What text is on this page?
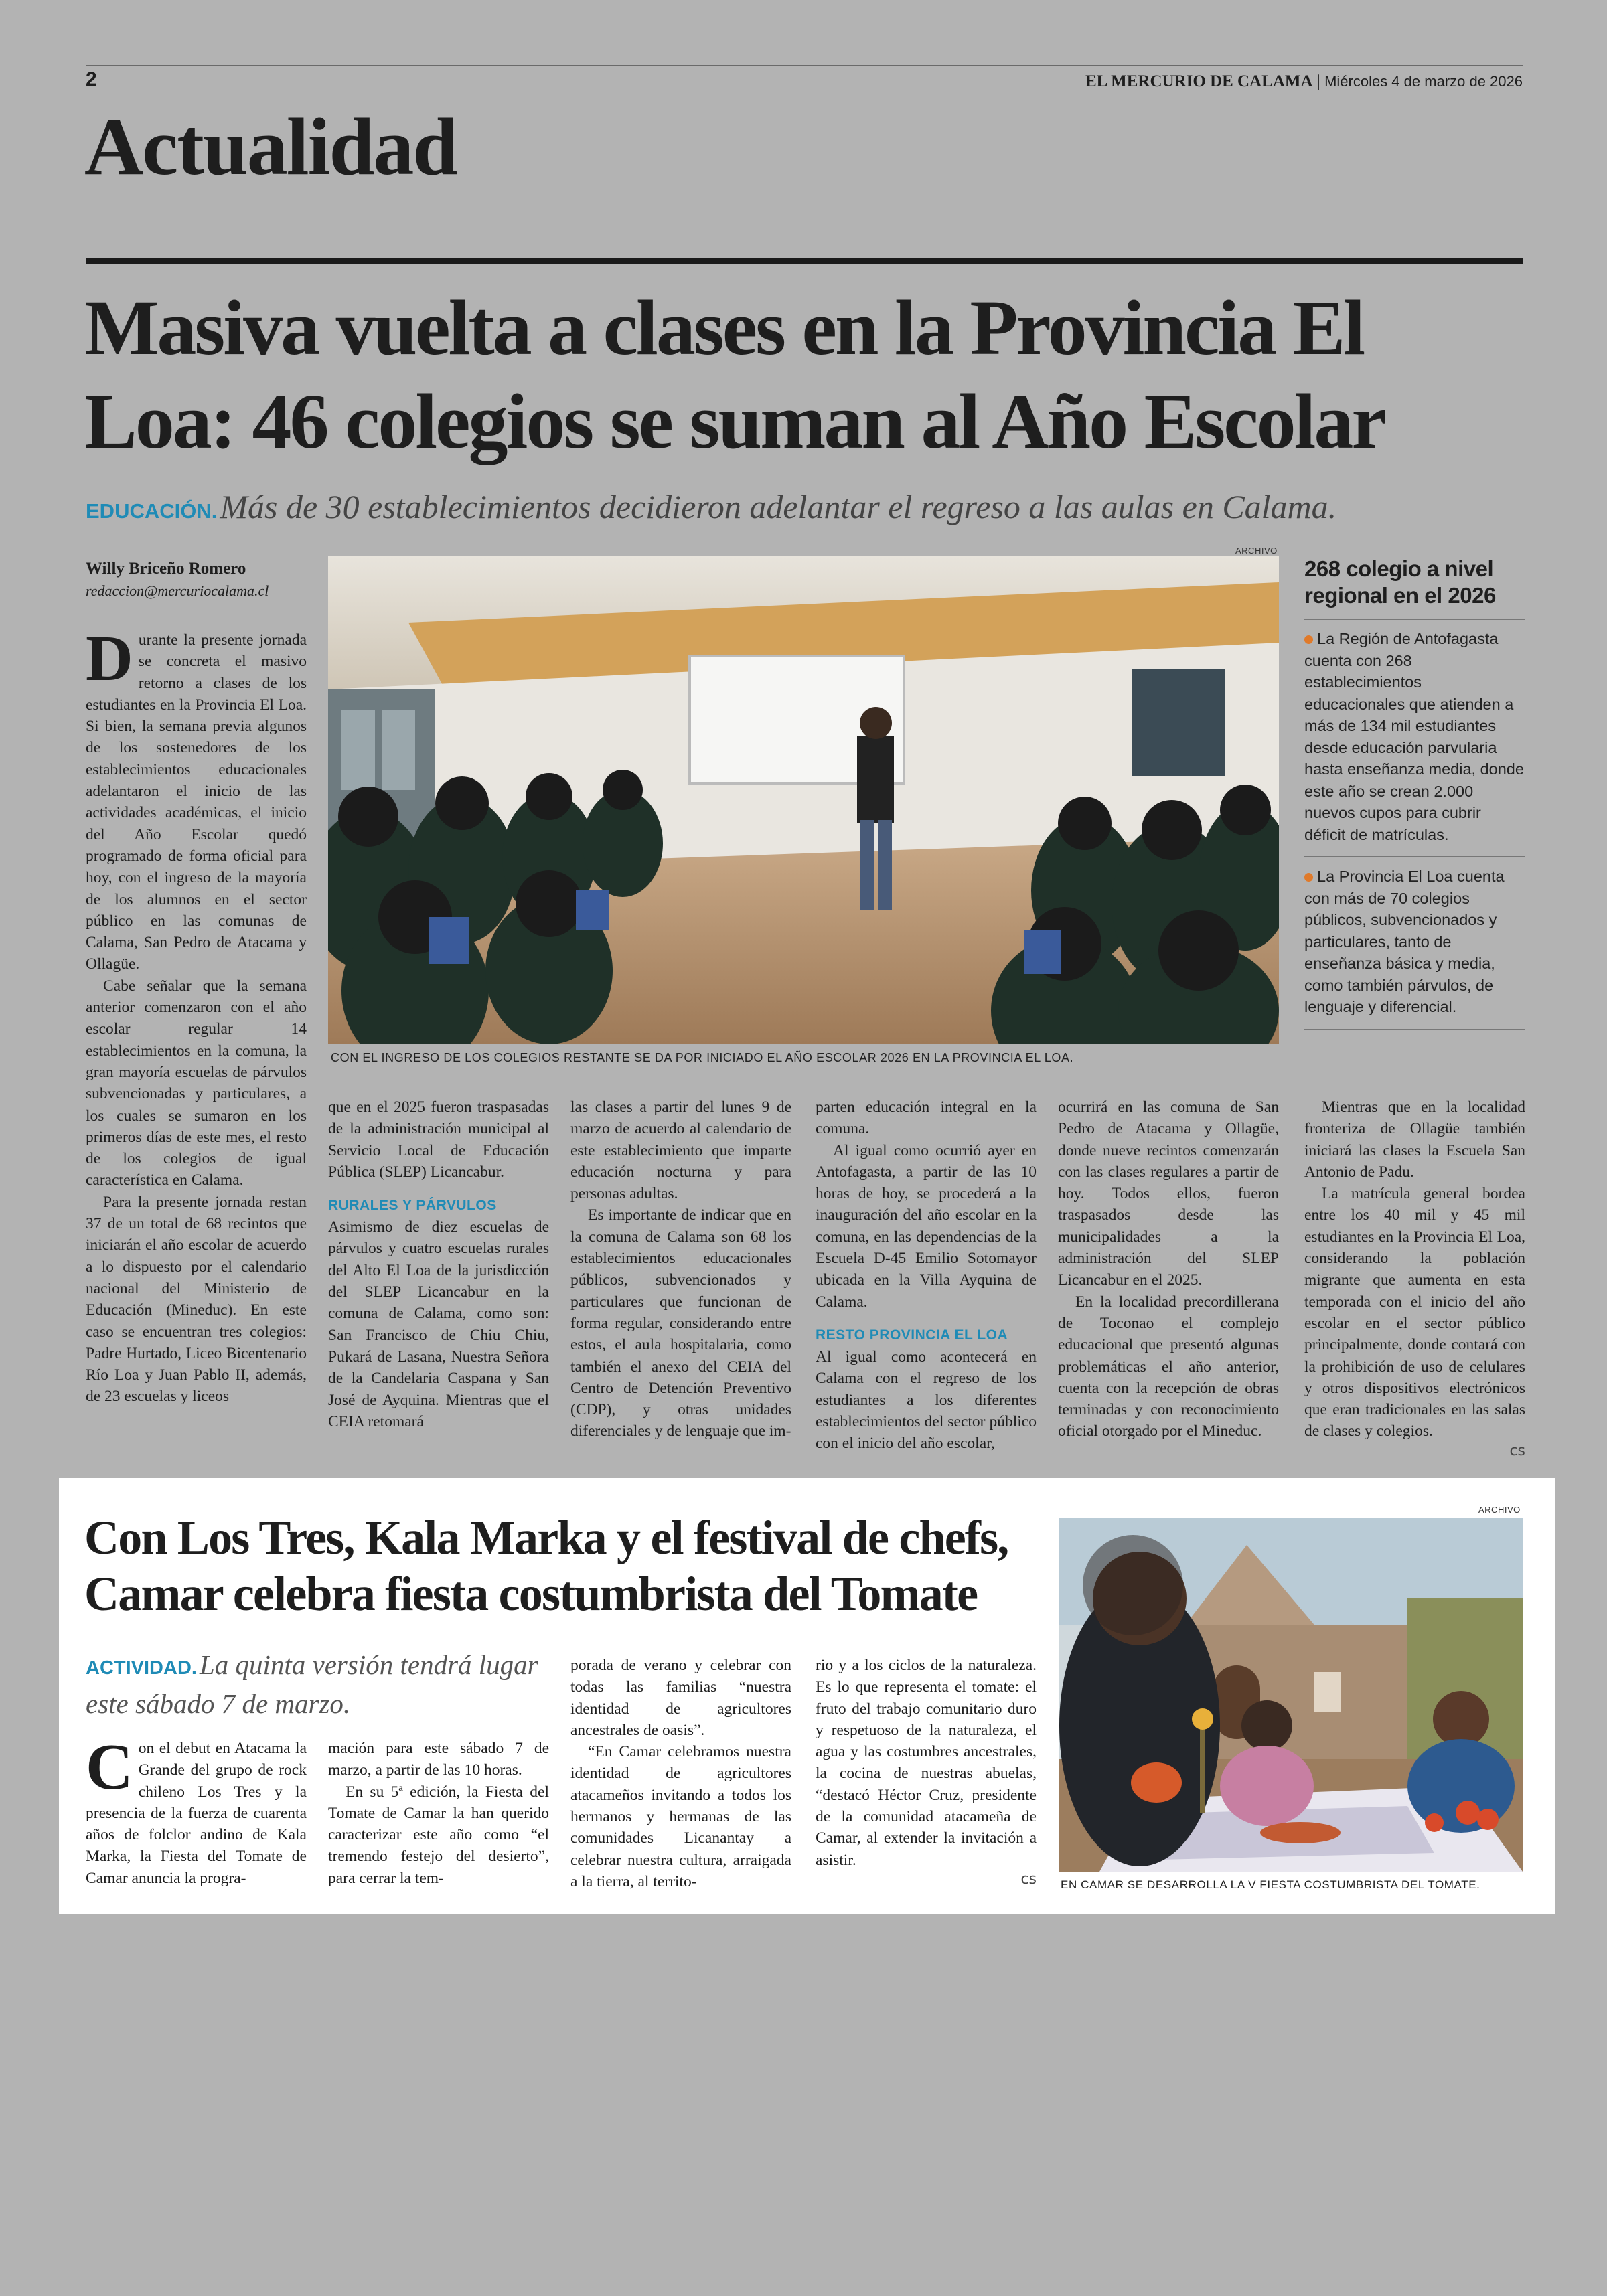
2	EL MERCURIO DE CALAMA | Miércoles 4 de marzo de 2026
Actualidad
Masiva vuelta a clases en la Provincia El
Loa: 46 colegios se suman al Año Escolar
EDUCACIÓN. Más de 30 establecimientos decidieron adelantar el regreso a las aulas en Calama.
Willy Briceño Romero
redaccion@mercuriocalama.cl
ARCHIVO
CON EL INGRESO DE LOS COLEGIOS RESTANTE SE DA POR INICIADO EL AÑO ESCOLAR 2026 EN LA PROVINCIA EL LOA.
268 colegio a nivel regional en el 2026

La Región de Antofagasta cuenta con 268 establecimientos educacionales que atienden a más de 134 mil estudiantes desde educación parvularia hasta enseñanza media, donde este año se crean 2.000 nuevos cupos para cubrir déficit de matrículas.

La Provincia El Loa cuenta con más de 70 colegios públicos, subvencionados y particulares, tanto de enseñanza básica y media, como también párvulos, de lenguaje y diferencial.

Durante la presente jornada se concreta el masivo retorno a clases de los estudiantes en la Provincia El Loa. Si bien, la semana previa algunos de los sostenedores de los establecimientos educacionales adelantaron el inicio de las actividades académicas, el inicio del Año Escolar quedó programado de forma oficial para hoy, con el ingreso de la mayoría de los alumnos en el sector público en las comunas de Calama, San Pedro de Atacama y Ollagüe.

Cabe señalar que la semana anterior comenzaron con el año escolar regular 14 establecimientos en la comuna, la gran mayoría escuelas de párvulos subvencionadas y particulares, a los cuales se sumaron en los primeros días de este mes, el resto de los colegios de igual característica en Calama.

Para la presente jornada restan 37 de un total de 68 recintos que iniciarán el año escolar de acuerdo a lo dispuesto por el calendario nacional del Ministerio de Educación (Mineduc). En este caso se encuentran tres colegios: Padre Hurtado, Liceo Bicentenario Río Loa y Juan Pablo II, además, de 23 escuelas y liceos

que en el 2025 fueron traspasadas de la administración municipal al Servicio Local de Educación Pública (SLEP) Licancabur.

RURALES Y PÁRVULOS

Asimismo de diez escuelas de párvulos y cuatro escuelas rurales del Alto El Loa de la jurisdicción del SLEP Licancabur en la comuna de Calama, como son: San Francisco de Chiu Chiu, Pukará de Lasana, Nuestra Señora de la Candelaria Caspana y San José de Ayquina. Mientras que el CEIA retomará

las clases a partir del lunes 9 de marzo de acuerdo al calendario de este establecimiento que imparte educación nocturna y para personas adultas.

Es importante de indicar que en la comuna de Calama son 68 los establecimientos educacionales públicos, subvencionados y particulares que funcionan de forma regular, considerando entre estos, el aula hospitalaria, como también el anexo del CEIA del Centro de Detención Preventivo (CDP), y otras unidades diferenciales y de lenguaje que im-

parten educación integral en la comuna.

Al igual como ocurrió ayer en Antofagasta, a partir de las 10 horas de hoy, se procederá a la inauguración del año escolar en la comuna, en las dependencias de la Escuela D-45 Emilio Sotomayor ubicada en la Villa Ayquina de Calama.

RESTO PROVINCIA EL LOA

Al igual como acontecerá en Calama con el regreso de los estudiantes a los diferentes establecimientos del sector público con el inicio del año escolar,

ocurrirá en las comuna de San Pedro de Atacama y Ollagüe, donde nueve recintos comenzarán con las clases regulares a partir de hoy. Todos ellos, fueron traspasados desde las municipalidades a la administración del SLEP Licancabur en el 2025.

En la localidad precordillerana de Toconao el complejo educacional que presentó algunas problemáticas el año anterior, cuenta con la recepción de obras terminadas y con reconocimiento oficial otorgado por el Mineduc.

Mientras que en la localidad fronteriza de Ollagüe también iniciará las clases la Escuela San Antonio de Padu.

La matrícula general bordea entre los 40 mil y 45 mil estudiantes en la Provincia El Loa, considerando la población migrante que aumenta en esta temporada con el inicio del año escolar en el sector público principalmente, donde contará con la prohibición de uso de celulares y otros dispositivos electrónicos que eran tradicionales en las salas de clases y colegios.

cs
Con Los Tres, Kala Marka y el festival de chefs,
Camar celebra fiesta costumbrista del Tomate
ACTIVIDAD. La quinta versión tendrá lugar este sábado 7 de marzo.

Con el debut en Atacama la Grande del grupo de rock chileno Los Tres y la presencia de la fuerza de cuarenta años de folclor andino de Kala Marka, la Fiesta del Tomate de Camar anuncia la progra-

mación para este sábado 7 de marzo, a partir de las 10 horas.

En su 5ª edición, la Fiesta del Tomate de Camar la han querido caracterizar este año como “el tremendo festejo del desierto”, para cerrar la tem-

porada de verano y celebrar con todas las familias “nuestra identidad de agricultores ancestrales de oasis”.

“En Camar celebramos nuestra identidad de agricultores atacameños invitando a todos los hermanos y hermanas de las comunidades Licanantay a celebrar nuestra cultura, arraigada a la tierra, al territo-

rio y a los ciclos de la naturaleza. Es lo que representa el tomate: el fruto del trabajo comunitario duro y respetuoso de la naturaleza, el agua y las costumbres ancestrales, la cocina de nuestras abuelas, “destacó Héctor Cruz, presidente de la comunidad atacameña de Camar, al extender la invitación a asistir.

cs
ARCHIVO
EN CAMAR SE DESARROLLA LA V FIESTA COSTUMBRISTA DEL TOMATE.
